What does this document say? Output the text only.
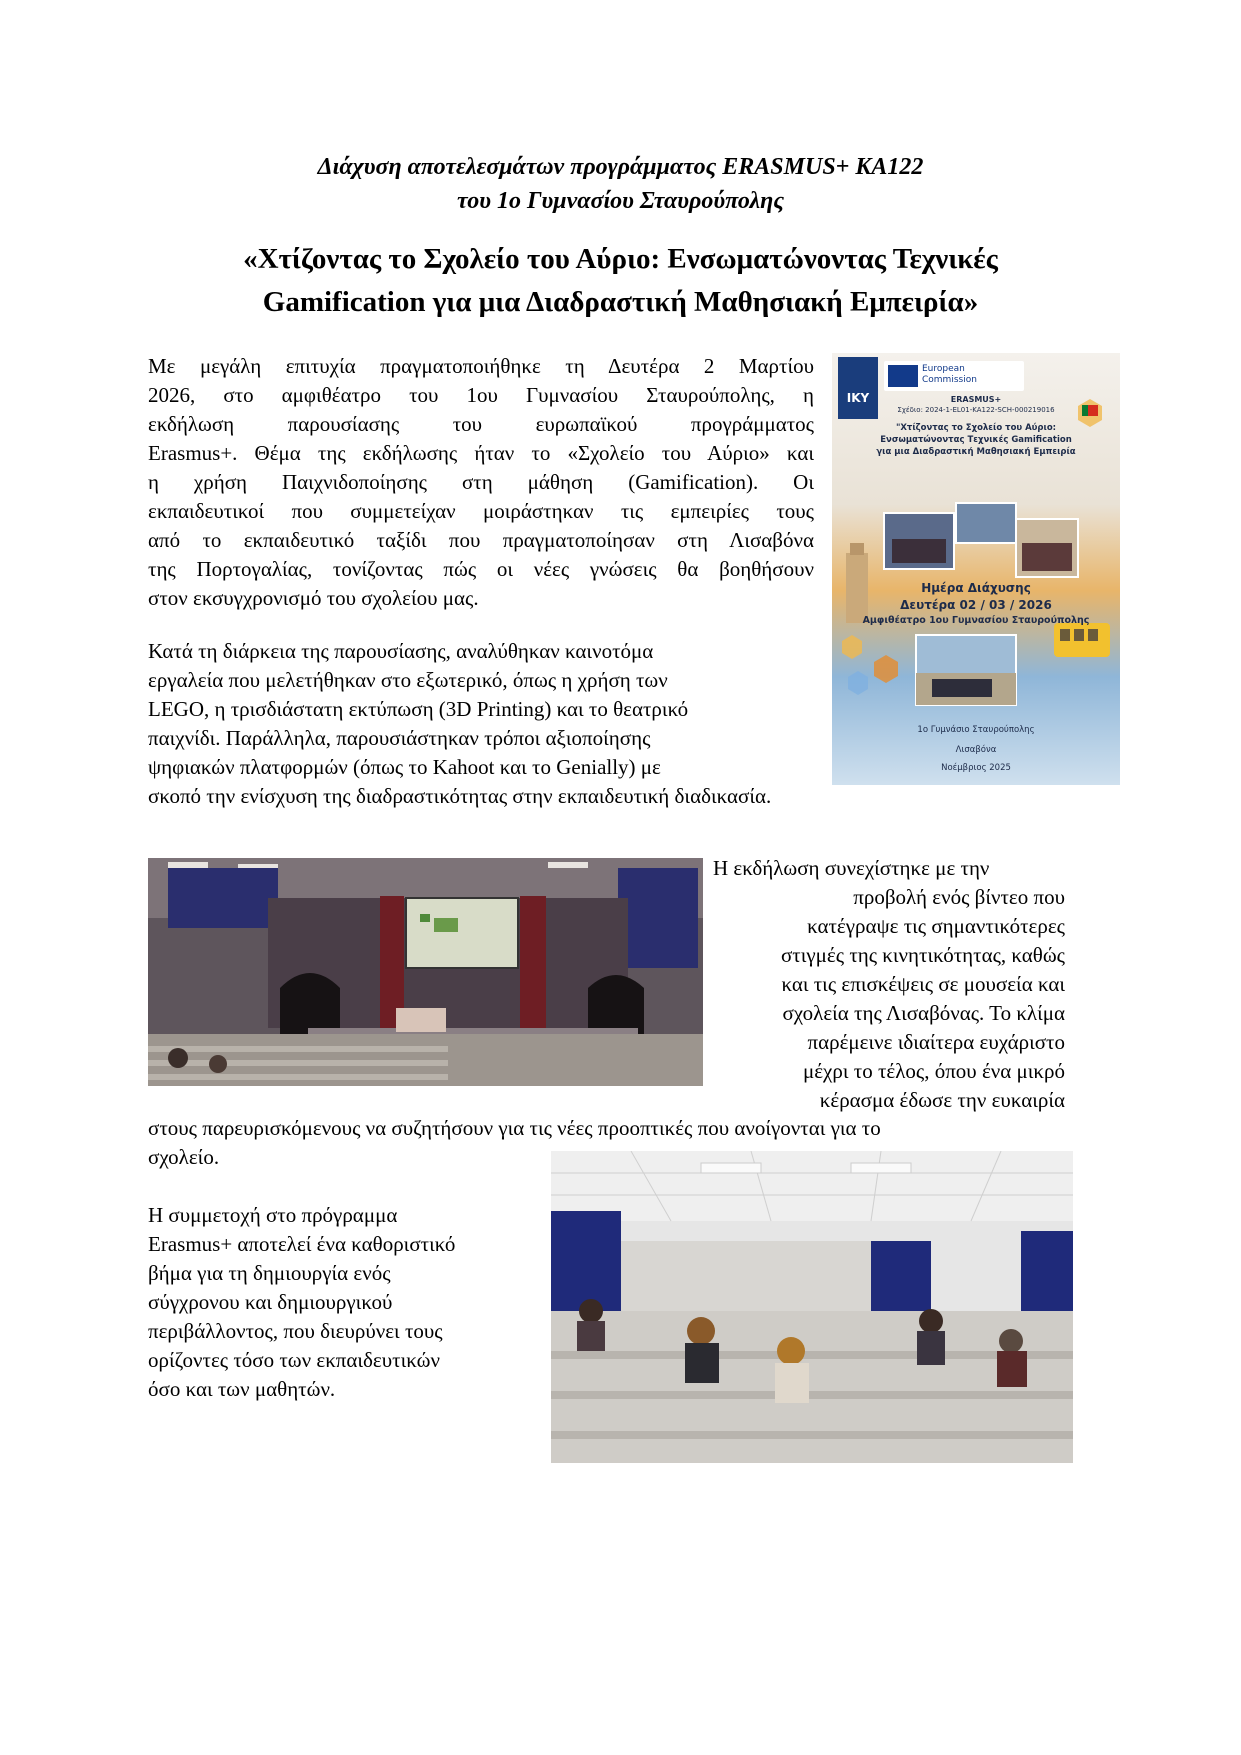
Διάχυση αποτελεσμάτων προγράμματος ERASMUS+ KA122
του 1ο Γυμνασίου Σταυρούπολης
«Χτίζοντας το Σχολείο του Αύριο: Ενσωματώνοντας Τεχνικές
Gamification για μια Διαδραστική Μαθησιακή Εμπειρία»
Με μεγάλη επιτυχία πραγματοποιήθηκε τη Δευτέρα 2 Μαρτίου
2026, στο αμφιθέατρο του 1ου Γυμνασίου Σταυρούπολης, η
εκδήλωση παρουσίασης του ευρωπαϊκού προγράμματος
Erasmus+. Θέμα της εκδήλωσης ήταν το «Σχολείο του Αύριο» και
η χρήση Παιχνιδοποίησης στη μάθηση (Gamification). Οι
εκπαιδευτικοί που συμμετείχαν μοιράστηκαν τις εμπειρίες τους
από το εκπαιδευτικό ταξίδι που πραγματοποίησαν στη Λισαβόνα
της Πορτογαλίας, τονίζοντας πώς οι νέες γνώσεις θα βοηθήσουν
στον εκσυγχρονισμό του σχολείου μας.
Κατά τη διάρκεια της παρουσίασης, αναλύθηκαν καινοτόμα
εργαλεία που μελετήθηκαν στο εξωτερικό, όπως η χρήση των
LEGO, η τρισδιάστατη εκτύπωση (3D Printing) και το θεατρικό
παιχνίδι. Παράλληλα, παρουσιάστηκαν τρόποι αξιοποίησης
ψηφιακών πλατφορμών (όπως το Kahoot και το Genially) με
σκοπό την ενίσχυση της διαδραστικότητας στην εκπαιδευτική διαδικασία.
IKY
European
Commission
ERASMUS+
Σχέδιο: 2024-1-EL01-KA122-SCH-000219016
"Χτίζοντας το Σχολείο του Αύριο:
Ενσωματώνοντας Τεχνικές Gamification
για μια Διαδραστική Μαθησιακή Εμπειρία
Ημέρα Διάχυσης
Δευτέρα 02 / 03 / 2026
Αμφιθέατρο 1ου Γυμνασίου Σταυρούπολης
1ο Γυμνάσιο Σταυρούπολης
Λισαβόνα
Νοέμβριος 2025
Η εκδήλωση συνεχίστηκε με την
προβολή ενός βίντεο που
κατέγραψε τις σημαντικότερες
στιγμές της κινητικότητας, καθώς
και τις επισκέψεις σε μουσεία και
σχολεία της Λισαβόνας. Το κλίμα
παρέμεινε ιδιαίτερα ευχάριστο
μέχρι το τέλος, όπου ένα μικρό
κέρασμα έδωσε την ευκαιρία
στους παρευρισκόμενους να συζητήσουν για τις νέες προοπτικές που ανοίγονται για το
σχολείο.
Η συμμετοχή στο πρόγραμμα
Erasmus+ αποτελεί ένα καθοριστικό
βήμα για τη δημιουργία ενός
σύγχρονου και δημιουργικού
περιβάλλοντος, που διευρύνει τους
ορίζοντες τόσο των εκπαιδευτικών
όσο και των μαθητών.
